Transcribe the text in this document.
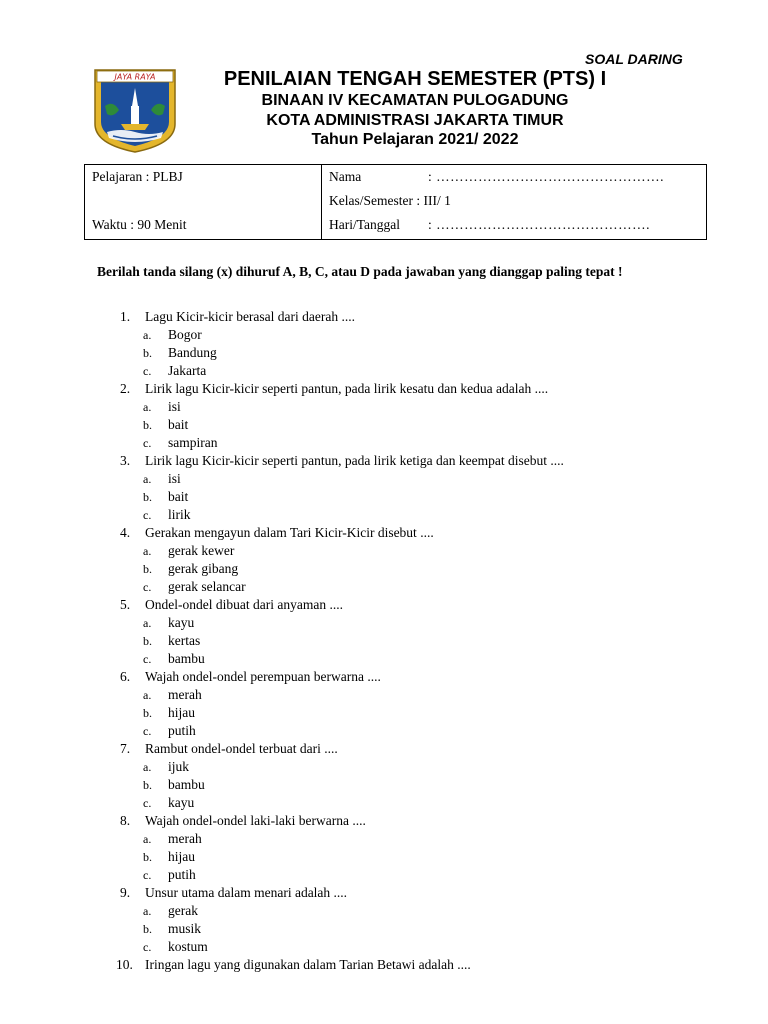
SOAL DARING
JAYA RAYA	PENILAIAN TENGAH SEMESTER (PTS) I
BINAAN IV KECAMATAN PULOGADUNG
KOTA ADMINISTRASI JAKARTA TIMUR
Tahun Pelajaran 2021/ 2022
Pelajaran : PLBJ
Waktu : 90 Menit
Nama	: ………………………………………….
Kelas/Semester : III/ 1
Hari/Tanggal : ……………………………………….
Berilah tanda silang (x) dihuruf A, B, C, atau D pada jawaban yang dianggap paling tepat !
1. Lagu Kicir-kicir berasal dari daerah ....
a. Bogor
b. Bandung
c. Jakarta
2. Lirik lagu Kicir-kicir seperti pantun, pada lirik kesatu dan kedua adalah ....
a. isi
b. bait
c. sampiran
3. Lirik lagu Kicir-kicir seperti pantun, pada lirik ketiga dan keempat disebut ....
a. isi
b. bait
c. lirik
4. Gerakan mengayun dalam Tari Kicir-Kicir disebut ....
a. gerak kewer
b. gerak gibang
c. gerak selancar
5. Ondel-ondel dibuat dari anyaman ....
a. kayu
b. kertas
c. bambu
6. Wajah ondel-ondel perempuan berwarna ....
a. merah
b. hijau
c. putih
7. Rambut ondel-ondel terbuat dari ....
a. ijuk
b. bambu
c. kayu
8. Wajah ondel-ondel laki-laki berwarna ....
a. merah
b. hijau
c. putih
9. Unsur utama dalam menari adalah ....
a. gerak
b. musik
c. kostum
10. Iringan lagu yang digunakan dalam Tarian Betawi adalah ....
